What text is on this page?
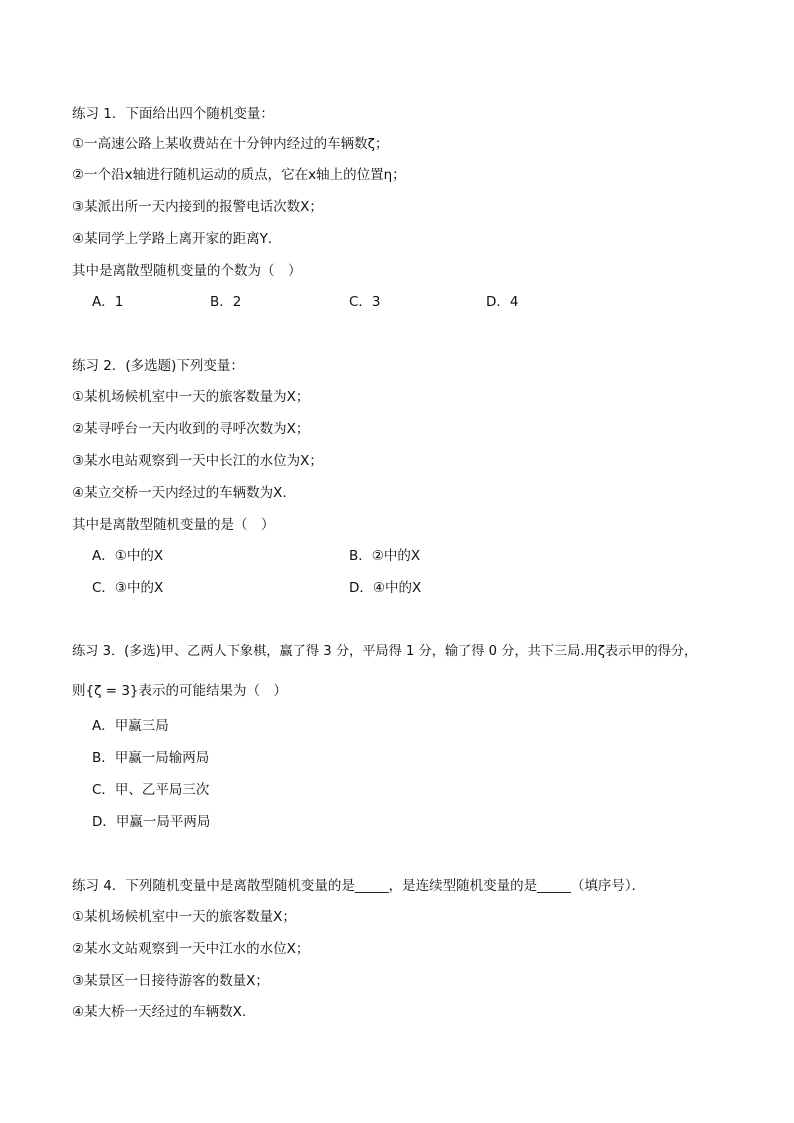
练习 1．下面给出四个随机变量：
①一高速公路上某收费站在十分钟内经过的车辆数ζ；
②一个沿x轴进行随机运动的质点，它在x轴上的位置η；
③某派出所一天内接到的报警电话次数X；
④某同学上学路上离开家的距离Y．
其中是离散型随机变量的个数为（　）
A．1	B．2	C．3	D．4
练习 2．(多选题)下列变量：
①某机场候机室中一天的旅客数量为X；
②某寻呼台一天内收到的寻呼次数为X；
③某水电站观察到一天中长江的水位为X；
④某立交桥一天内经过的车辆数为X.
其中是离散型随机变量的是（　）
A．①中的X	B．②中的X
C．③中的X	D．④中的X
练习 3．(多选)甲、乙两人下象棋，赢了得 3 分，平局得 1 分，输了得 0 分，共下三局.用ζ表示甲的得分，
则{ζ = 3}表示的可能结果为（　）
A．甲赢三局
B．甲赢一局输两局
C．甲、乙平局三次
D．甲赢一局平两局
练习 4．下列随机变量中是离散型随机变量的是_____，是连续型随机变量的是_____（填序号）．
①某机场候机室中一天的旅客数量X；
②某水文站观察到一天中江水的水位X；
③某景区一日接待游客的数量X；
④某大桥一天经过的车辆数X.
